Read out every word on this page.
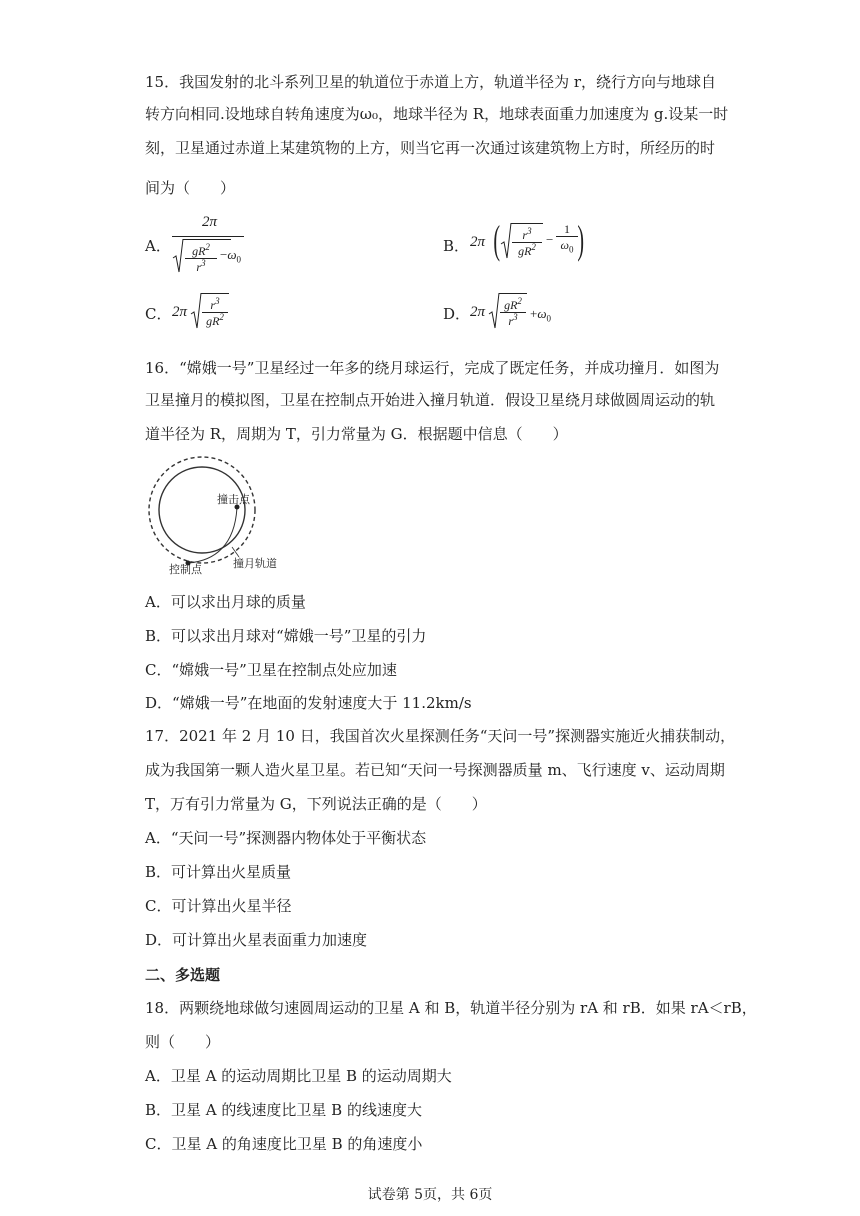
15．我国发射的北斗系列卫星的轨道位于赤道上方，轨道半径为 r，绕行方向与地球自
转方向相同.设地球自转角速度为ω₀，地球半径为 R，地球表面重力加速度为 g.设某一时
刻，卫星通过赤道上某建筑物的上方，则当它再一次通过该建筑物上方时，所经历的时
间为（　　）
A．
2π
$gR^2$
$r^3$
$-\omega_0$
B． 2π (	$r^3$
$gR^2$ −
1
$\omega_0$ )
C． 2π	$r^3$
$gR^2$	D． 2π	$gR^2$
$r^3 +\omega_0$
16．“嫦娥一号”卫星经过一年多的绕月球运行，完成了既定任务，并成功撞月．如图为
卫星撞月的模拟图，卫星在控制点开始进入撞月轨道．假设卫星绕月球做圆周运动的轨
道半径为 R，周期为 T，引力常量为 G．根据题中信息（　　）
撞击点
撞月轨道
控制点
A．可以求出月球的质量
B．可以求出月球对“嫦娥一号”卫星的引力
C．“嫦娥一号”卫星在控制点处应加速
D．“嫦娥一号”在地面的发射速度大于 11.2km/s
17．2021 年 2 月 10 日，我国首次火星探测任务“天问一号”探测器实施近火捕获制动，
成为我国第一颗人造火星卫星。若已知“天问一号探测器质量 m、飞行速度 v、运动周期
T，万有引力常量为 G，下列说法正确的是（　　）
A．“天问一号”探测器内物体处于平衡状态
B．可计算出火星质量
C．可计算出火星半径
D．可计算出火星表面重力加速度
二、多选题
18．两颗绕地球做匀速圆周运动的卫星 A 和 B，轨道半径分别为 rA 和 rB．如果 rA＜rB，
则（　　）
A．卫星 A 的运动周期比卫星 B 的运动周期大
B．卫星 A 的线速度比卫星 B 的线速度大
C．卫星 A 的角速度比卫星 B 的角速度小
试卷第 5页，共 6页
